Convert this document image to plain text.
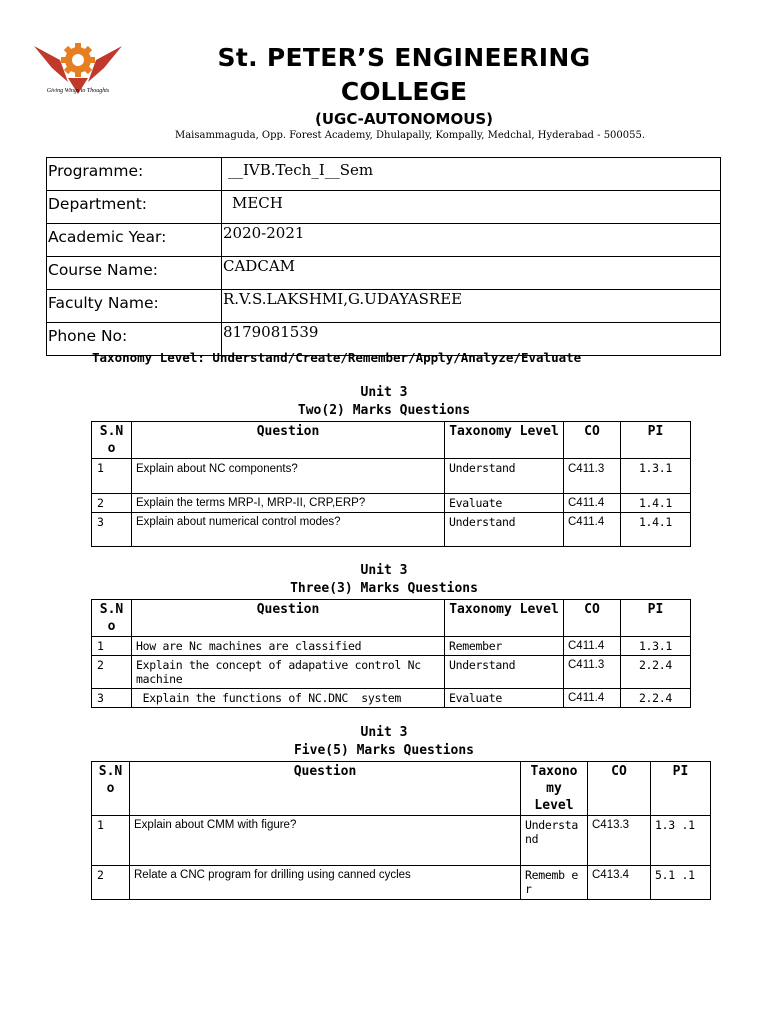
Giving Wings to Thoughts
St. PETER’S ENGINEERING
COLLEGE
(UGC-AUTONOMOUS)
Maisammaguda, Opp. Forest Academy, Dhulapally, Kompally, Medchal, Hyderabad - 500055.
Programme:	__IVB.Tech_I__Sem
Department:	MECH
Academic Year:	2020-2021
Course Name:	CADCAM
Faculty Name:	R.V.S.LAKSHMI,G.UDAYASREE
Phone No:	8179081539
Taxonomy Level: Understand/Create/Remember/Apply/Analyze/Evaluate
Unit 3
Two(2) Marks Questions
S.N o	Question	Taxonomy Level	CO	PI
1	Explain about NC components?	Understand	C411.3	1.3.1
2	Explain the terms MRP-I, MRP-II, CRP,ERP?	Evaluate	C411.4	1.4.1
3	Explain about numerical control modes?	Understand	C411.4	1.4.1
Unit 3
Three(3) Marks Questions
S.N o	Question	Taxonomy Level	CO	PI
1	How are Nc machines are classified	Remember	C411.4	1.3.1
2	Explain the concept of adapative control Nc machine	Understand	C411.3	2.2.4
3	Explain the functions of NC.DNC  system	Evaluate	C411.4	2.2.4
Unit 3
Five(5) Marks Questions
S.N o	Question	Taxono my Level	CO	PI
1	Explain about CMM with figure?	Understa nd	C413.3	1.3 .1
2	Relate a CNC program for drilling using canned cycles	Rememb er	C413.4	5.1 .1
